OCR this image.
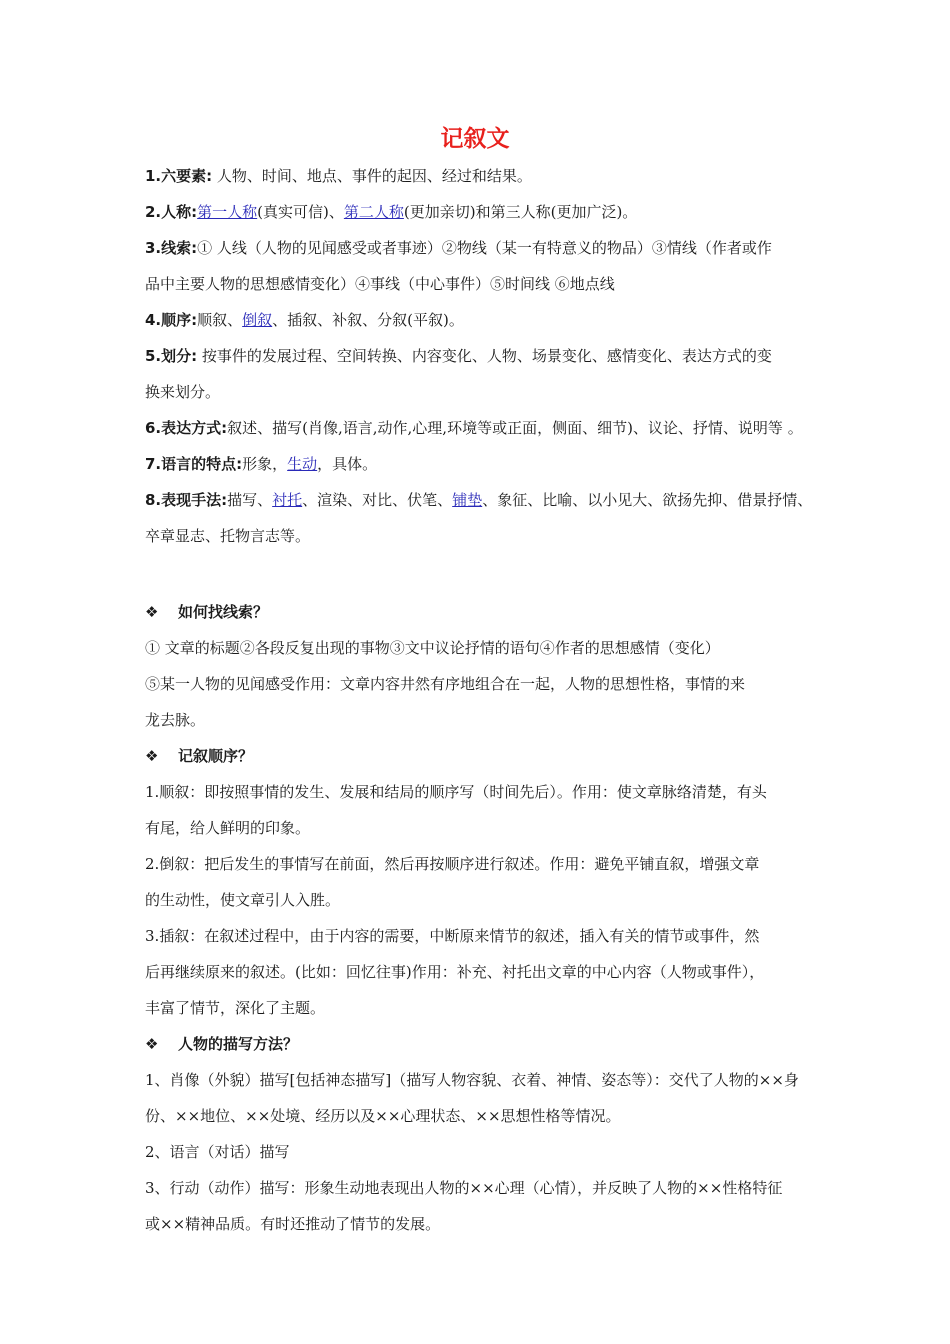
记叙文

1.六要素: 人物、时间、地点、事件的起因、经过和结果。

2.人称:第一人称(真实可信)、第二人称(更加亲切)和第三人称(更加广泛)。

3.线索:① 人线（人物的见闻感受或者事迹）②物线（某一有特意义的物品）③情线（作者或作
品中主要人物的思想感情变化）④事线（中心事件）⑤时间线 ⑥地点线

4.顺序:顺叙、倒叙、插叙、补叙、分叙(平叙)。

5.划分: 按事件的发展过程、空间转换、内容变化、人物、场景变化、感情变化、表达方式的变
换来划分。

6.表达方式:叙述、描写(肖像,语言,动作,心理,环境等或正面，侧面、细节)、议论、抒情、说明等 。

7.语言的特点:形象，生动，具体。

8.表现手法:描写、衬托、渲染、对比、伏笔、铺垫、象征、比喻、以小见大、欲扬先抑、借景抒情、
卒章显志、托物言志等。

❖ 如何找线索？

① 文章的标题②各段反复出现的事物③文中议论抒情的语句④作者的思想感情（变化）
⑤某一人物的见闻感受作用：文章内容井然有序地组合在一起，人物的思想性格，事情的来
龙去脉。

❖ 记叙顺序？

1.顺叙：即按照事情的发生、发展和结局的顺序写（时间先后）。作用：使文章脉络清楚，有头
有尾，给人鲜明的印象。

2.倒叙：把后发生的事情写在前面，然后再按顺序进行叙述。作用：避免平铺直叙，增强文章
的生动性，使文章引人入胜。

3.插叙：在叙述过程中，由于内容的需要，中断原来情节的叙述，插入有关的情节或事件，然
后再继续原来的叙述。(比如：回忆往事)作用：补充、衬托出文章的中心内容（人物或事件），
丰富了情节，深化了主题。

❖ 人物的描写方法？

1、肖像（外貌）描写[包括神态描写]（描写人物容貌、衣着、神情、姿态等）：交代了人物的××身
份、××地位、××处境、经历以及××心理状态、××思想性格等情况。

2、语言（对话）描写

3、行动（动作）描写：形象生动地表现出人物的××心理（心情），并反映了人物的××性格特征
或××精神品质。有时还推动了情节的发展。
